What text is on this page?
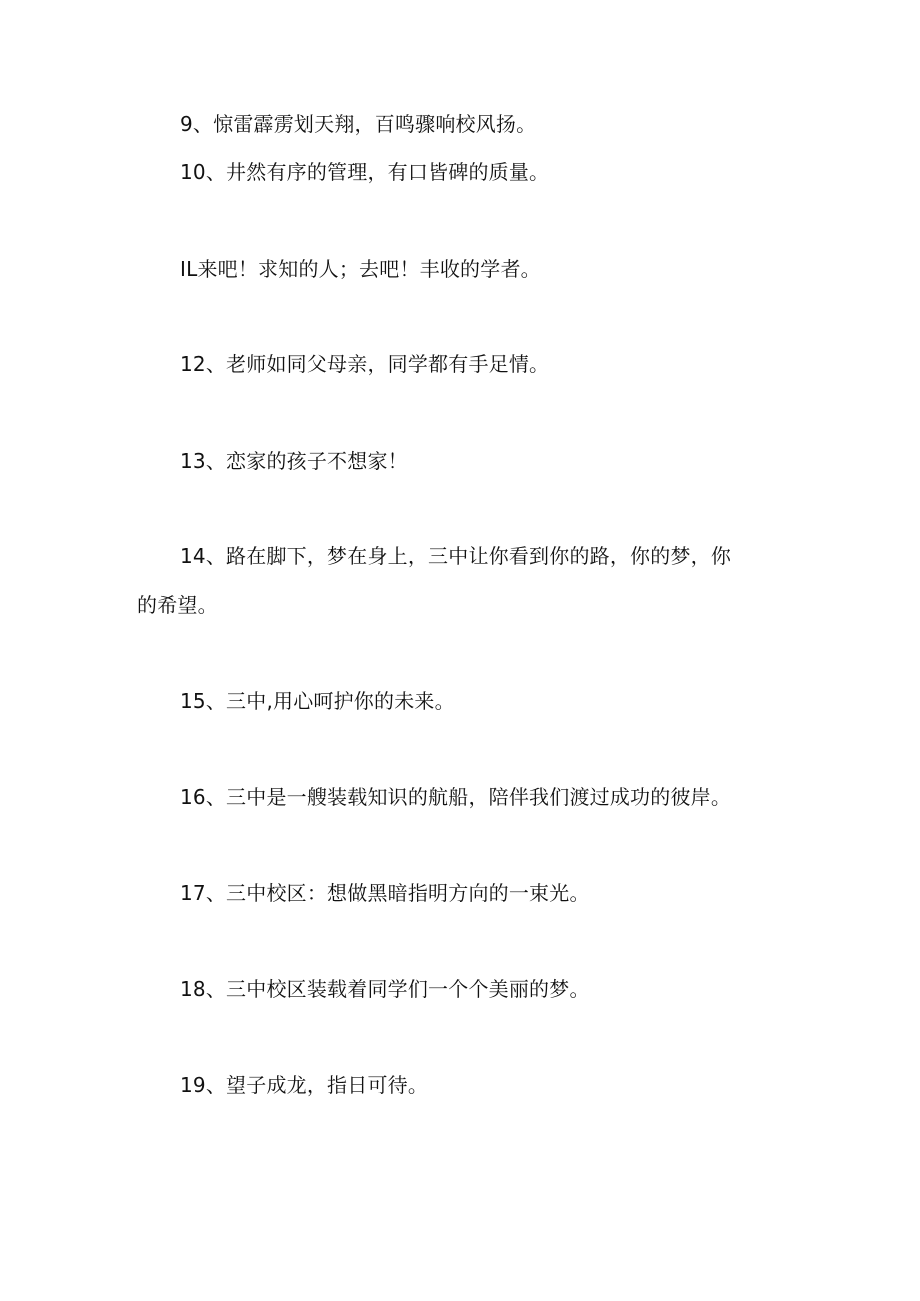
9、惊雷霹雳划天翔，百鸣骤响校风扬。
10、井然有序的管理，有口皆碑的质量。
IL来吧！求知的人；去吧！丰收的学者。
12、老师如同父母亲，同学都有手足情。
13、恋家的孩子不想家！
14、路在脚下，梦在身上，三中让你看到你的路，你的梦，你
的希望。
15、三中,用心呵护你的未来。
16、三中是一艘装载知识的航船，陪伴我们渡过成功的彼岸。
17、三中校区：想做黑暗指明方向的一束光。
18、三中校区装载着同学们一个个美丽的梦。
19、望子成龙，指日可待。
